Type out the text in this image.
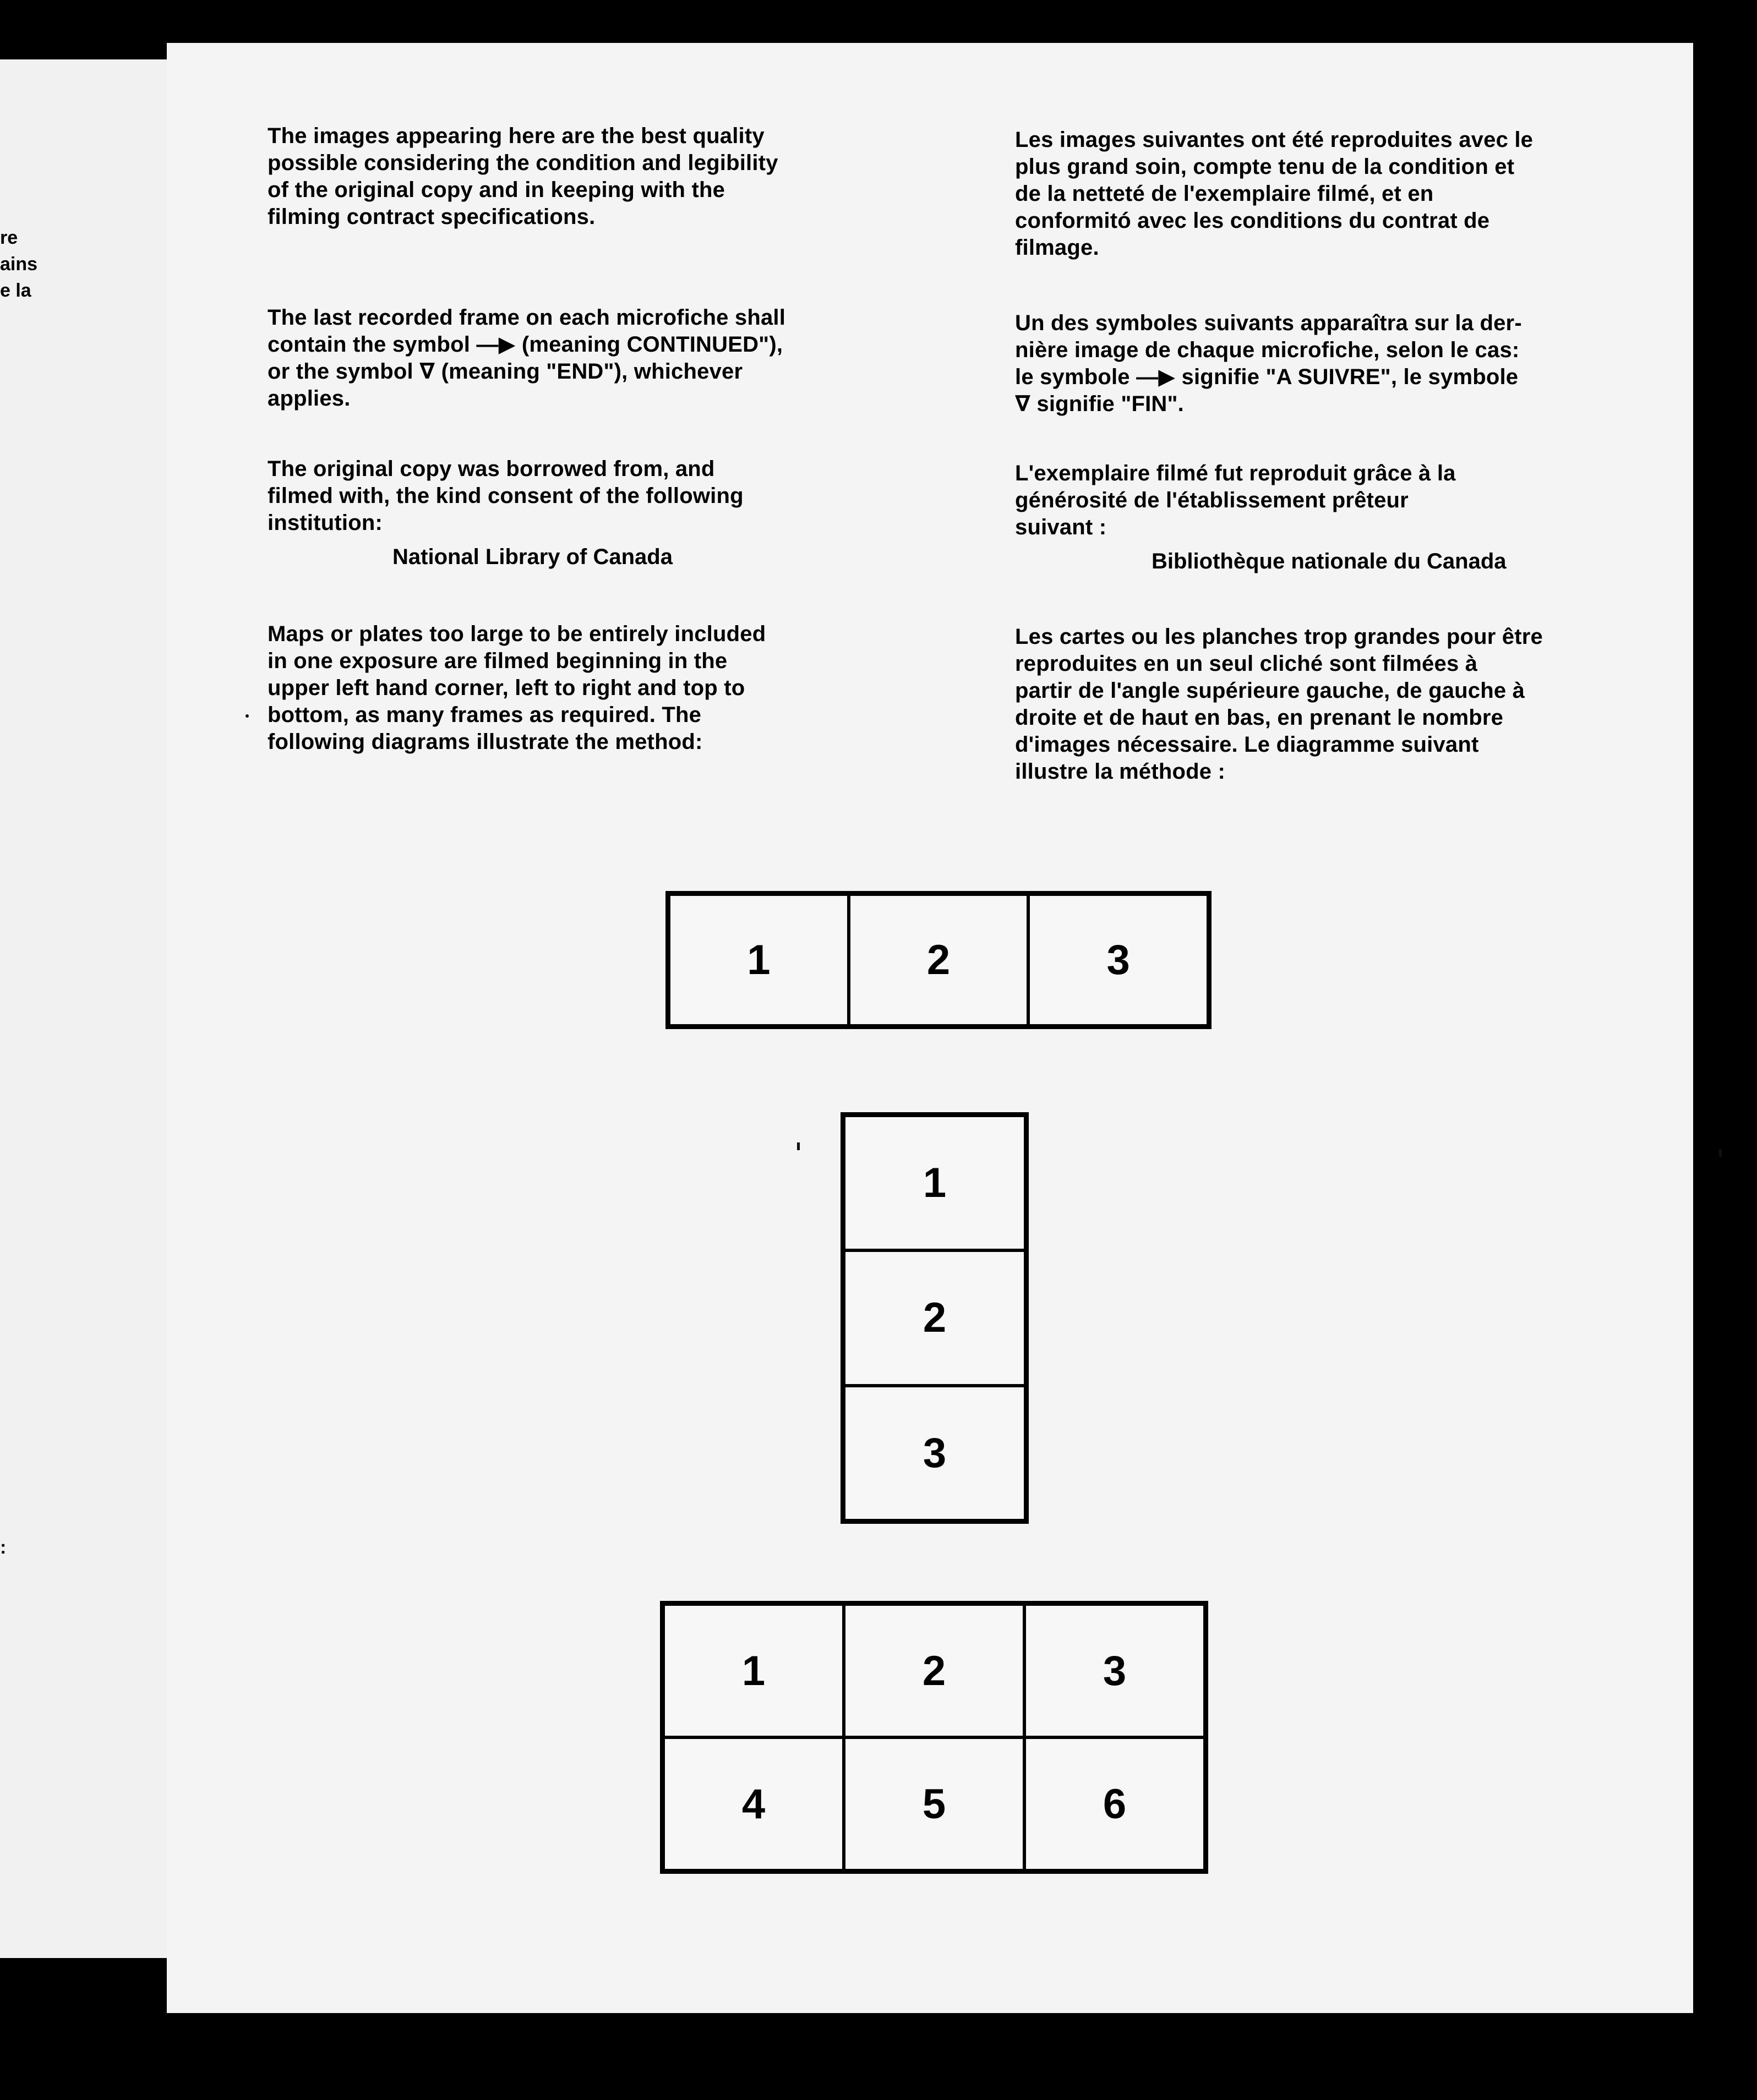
re
ains
e la
:
The images appearing here are the best quality
possible considering the condition and legibility
of the original copy and in keeping with the
filming contract specifications.
The last recorded frame on each microfiche shall
contain the symbol —▶ (meaning CONTINUED"),
or the symbol ∇ (meaning "END"), whichever
applies.
The original copy was borrowed from, and
filmed with, the kind consent of the following
institution:
National Library of Canada
Maps or plates too large to be entirely included
in one exposure are filmed beginning in the
upper left hand corner, left to right and top to
bottom, as many frames as required. The
following diagrams illustrate the method:
Les images suivantes ont été reproduites avec le
plus grand soin, compte tenu de la condition et
de la netteté de l'exemplaire filmé, et en
conformitó avec les conditions du contrat de
filmage.
Un des symboles suivants apparaîtra sur la der-
nière image de chaque microfiche, selon le cas:
le symbole —▶ signifie "A SUIVRE", le symbole
∇ signifie "FIN".
L'exemplaire filmé fut reproduit grâce à la
générosité de l'établissement prêteur
suivant :
Bibliothèque nationale du Canada
Les cartes ou les planches trop grandes pour être
reproduites en un seul cliché sont filmées à
partir de l'angle supérieure gauche, de gauche à
droite et de haut en bas, en prenant le nombre
d'images nécessaire. Le diagramme suivant
illustre la méthode :
1	2	3
1
2
3
1	2	3
4	5	6
